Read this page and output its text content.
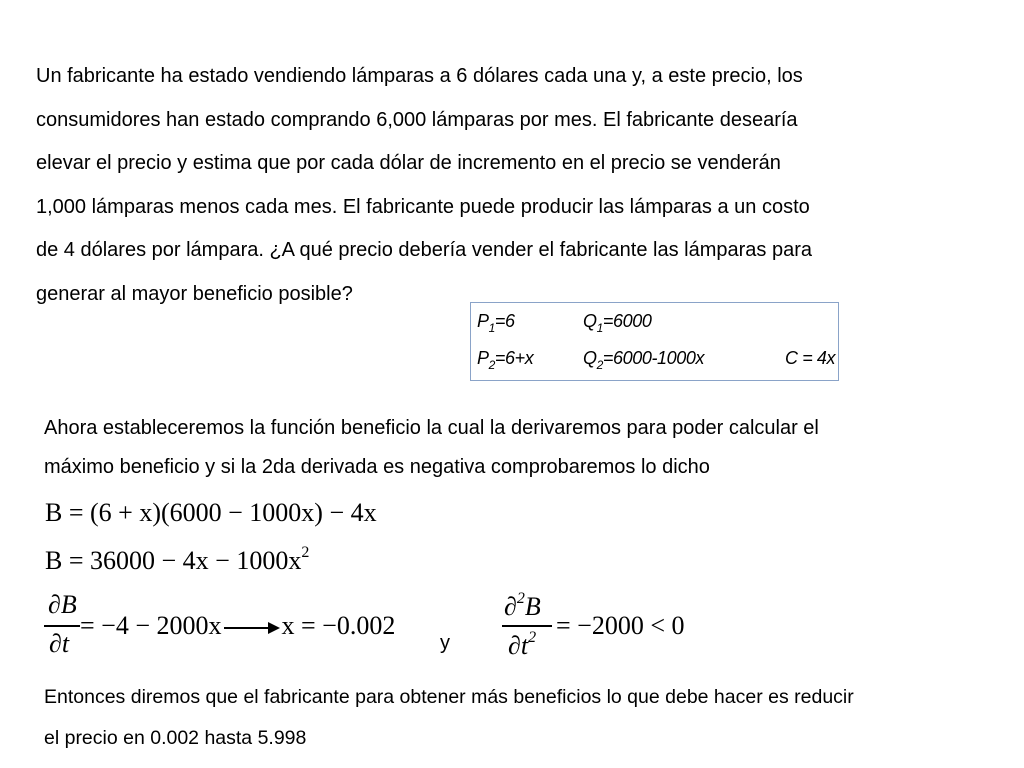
Un fabricante ha estado vendiendo lámparas a 6 dólares cada una y, a este precio, los
consumidores han estado comprando 6,000 lámparas por mes. El fabricante desearía
elevar el precio y estima que por cada dólar de incremento en el precio se venderán
1,000 lámparas menos cada mes. El fabricante puede producir las lámparas a un costo
de 4 dólares por lámpara. ¿A qué precio debería vender el fabricante las lámparas para
generar al mayor beneficio posible?
$P_1=6$	$Q_1=6000$
$P_2=6+x$	$Q_2=6000-1000x$	C = 4x
Ahora estableceremos la función beneficio la cual la derivaremos para poder calcular el
máximo beneficio y si la 2da derivada es negativa comprobaremos lo dicho
B = (6 + x)(6000 − 1000x) − 4x
$B = 36000 - 4x - 1000x^2$
∂B
∂t
= −4 − 2000x x = −0.002
y
∂$^2$B
$\partial t^2 = -2000 < 0$
Entonces diremos que el fabricante para obtener más beneficios lo que debe hacer es reducir
el precio en 0.002 hasta 5.998
